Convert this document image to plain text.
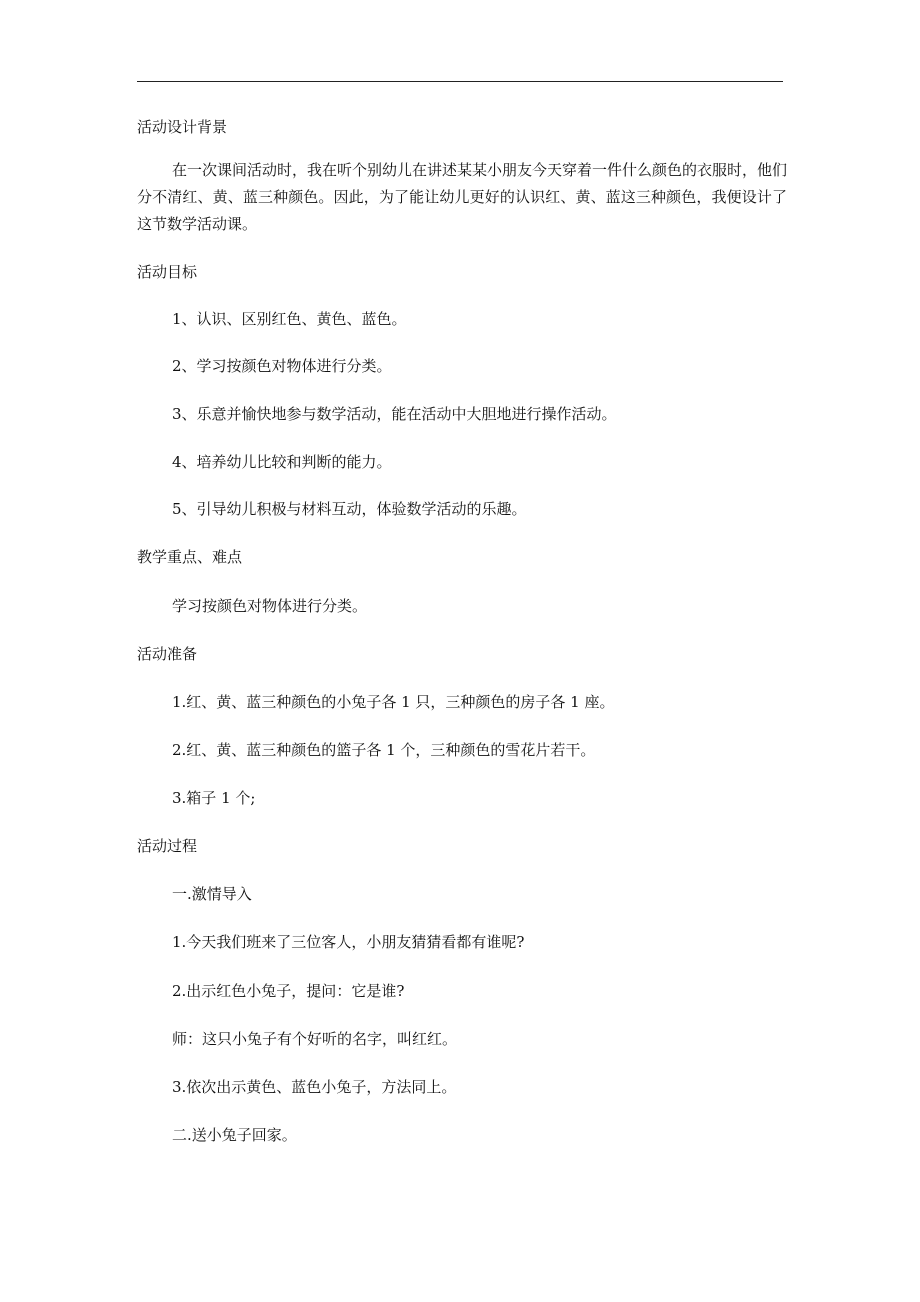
活动设计背景
在一次课间活动时，我在听个别幼儿在讲述某某小朋友今天穿着一件什么颜色的衣服时，他们分不清红、黄、蓝三种颜色。因此，为了能让幼儿更好的认识红、黄、蓝这三种颜色，我便设计了这节数学活动课。
活动目标
1、认识、区别红色、黄色、蓝色。
2、学习按颜色对物体进行分类。
3、乐意并愉快地参与数学活动，能在活动中大胆地进行操作活动。
4、培养幼儿比较和判断的能力。
5、引导幼儿积极与材料互动，体验数学活动的乐趣。
教学重点、难点
学习按颜色对物体进行分类。
活动准备
1.红、黄、蓝三种颜色的小兔子各 1 只，三种颜色的房子各 1 座。
2.红、黄、蓝三种颜色的篮子各 1 个，三种颜色的雪花片若干。
3.箱子 1 个;
活动过程
一.激情导入
1.今天我们班来了三位客人，小朋友猜猜看都有谁呢?
2.出示红色小兔子，提问：它是谁?
师：这只小兔子有个好听的名字，叫红红。
3.依次出示黄色、蓝色小兔子，方法同上。
二.送小兔子回家。
